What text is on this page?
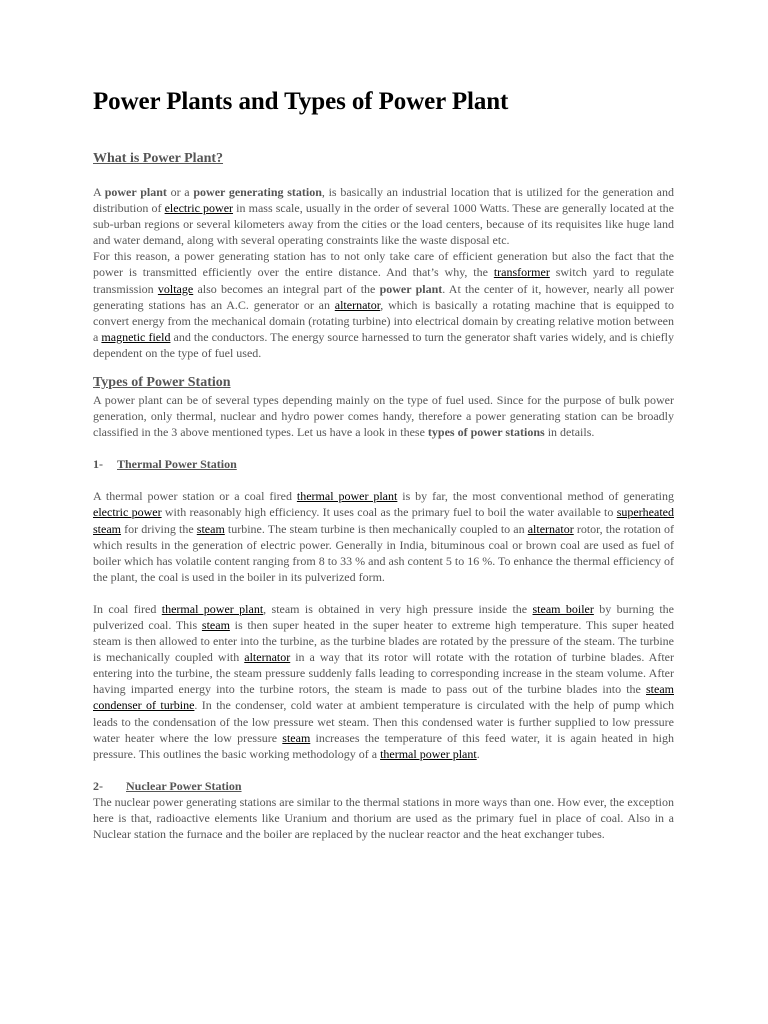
Power Plants and Types of Power Plant
What is Power Plant?

A power plant or a power generating station, is basically an industrial location that is utilized for the generation and distribution of electric power in mass scale, usually in the order of several 1000 Watts. These are generally located at the sub-urban regions or several kilometers away from the cities or the load centers, because of its requisites like huge land and water demand, along with several operating constraints like the waste disposal etc.

For this reason, a power generating station has to not only take care of efficient generation but also the fact that the power is transmitted efficiently over the entire distance. And that’s why, the transformer switch yard to regulate transmission voltage also becomes an integral part of the power plant. At the center of it, however, nearly all power generating stations has an A.C. generator or an alternator, which is basically a rotating machine that is equipped to convert energy from the mechanical domain (rotating turbine) into electrical domain by creating relative motion between a magnetic field and the conductors. The energy source harnessed to turn the generator shaft varies widely, and is chiefly dependent on the type of fuel used.

Types of Power Station

A power plant can be of several types depending mainly on the type of fuel used. Since for the purpose of bulk power generation, only thermal, nuclear and hydro power comes handy, therefore a power generating station can be broadly classified in the 3 above mentioned types. Let us have a look in these types of power stations in details.

1- Thermal Power Station

A thermal power station or a coal fired thermal power plant is by far, the most conventional method of generating electric power with reasonably high efficiency. It uses coal as the primary fuel to boil the water available to superheated steam for driving the steam turbine. The steam turbine is then mechanically coupled to an alternator rotor, the rotation of which results in the generation of electric power. Generally in India, bituminous coal or brown coal are used as fuel of boiler which has volatile content ranging from 8 to 33 % and ash content 5 to 16 %. To enhance the thermal efficiency of the plant, the coal is used in the boiler in its pulverized form.

In coal fired thermal power plant, steam is obtained in very high pressure inside the steam boiler by burning the pulverized coal. This steam is then super heated in the super heater to extreme high temperature. This super heated steam is then allowed to enter into the turbine, as the turbine blades are rotated by the pressure of the steam. The turbine is mechanically coupled with alternator in a way that its rotor will rotate with the rotation of turbine blades. After entering into the turbine, the steam pressure suddenly falls leading to corresponding increase in the steam volume. After having imparted energy into the turbine rotors, the steam is made to pass out of the turbine blades into the steam condenser of turbine. In the condenser, cold water at ambient temperature is circulated with the help of pump which leads to the condensation of the low pressure wet steam. Then this condensed water is further supplied to low pressure water heater where the low pressure steam increases the temperature of this feed water, it is again heated in high pressure. This outlines the basic working methodology of a thermal power plant.

2- Nuclear Power Station

The nuclear power generating stations are similar to the thermal stations in more ways than one. How ever, the exception here is that, radioactive elements like Uranium and thorium are used as the primary fuel in place of coal. Also in a Nuclear station the furnace and the boiler are replaced by the nuclear reactor and the heat exchanger tubes.
